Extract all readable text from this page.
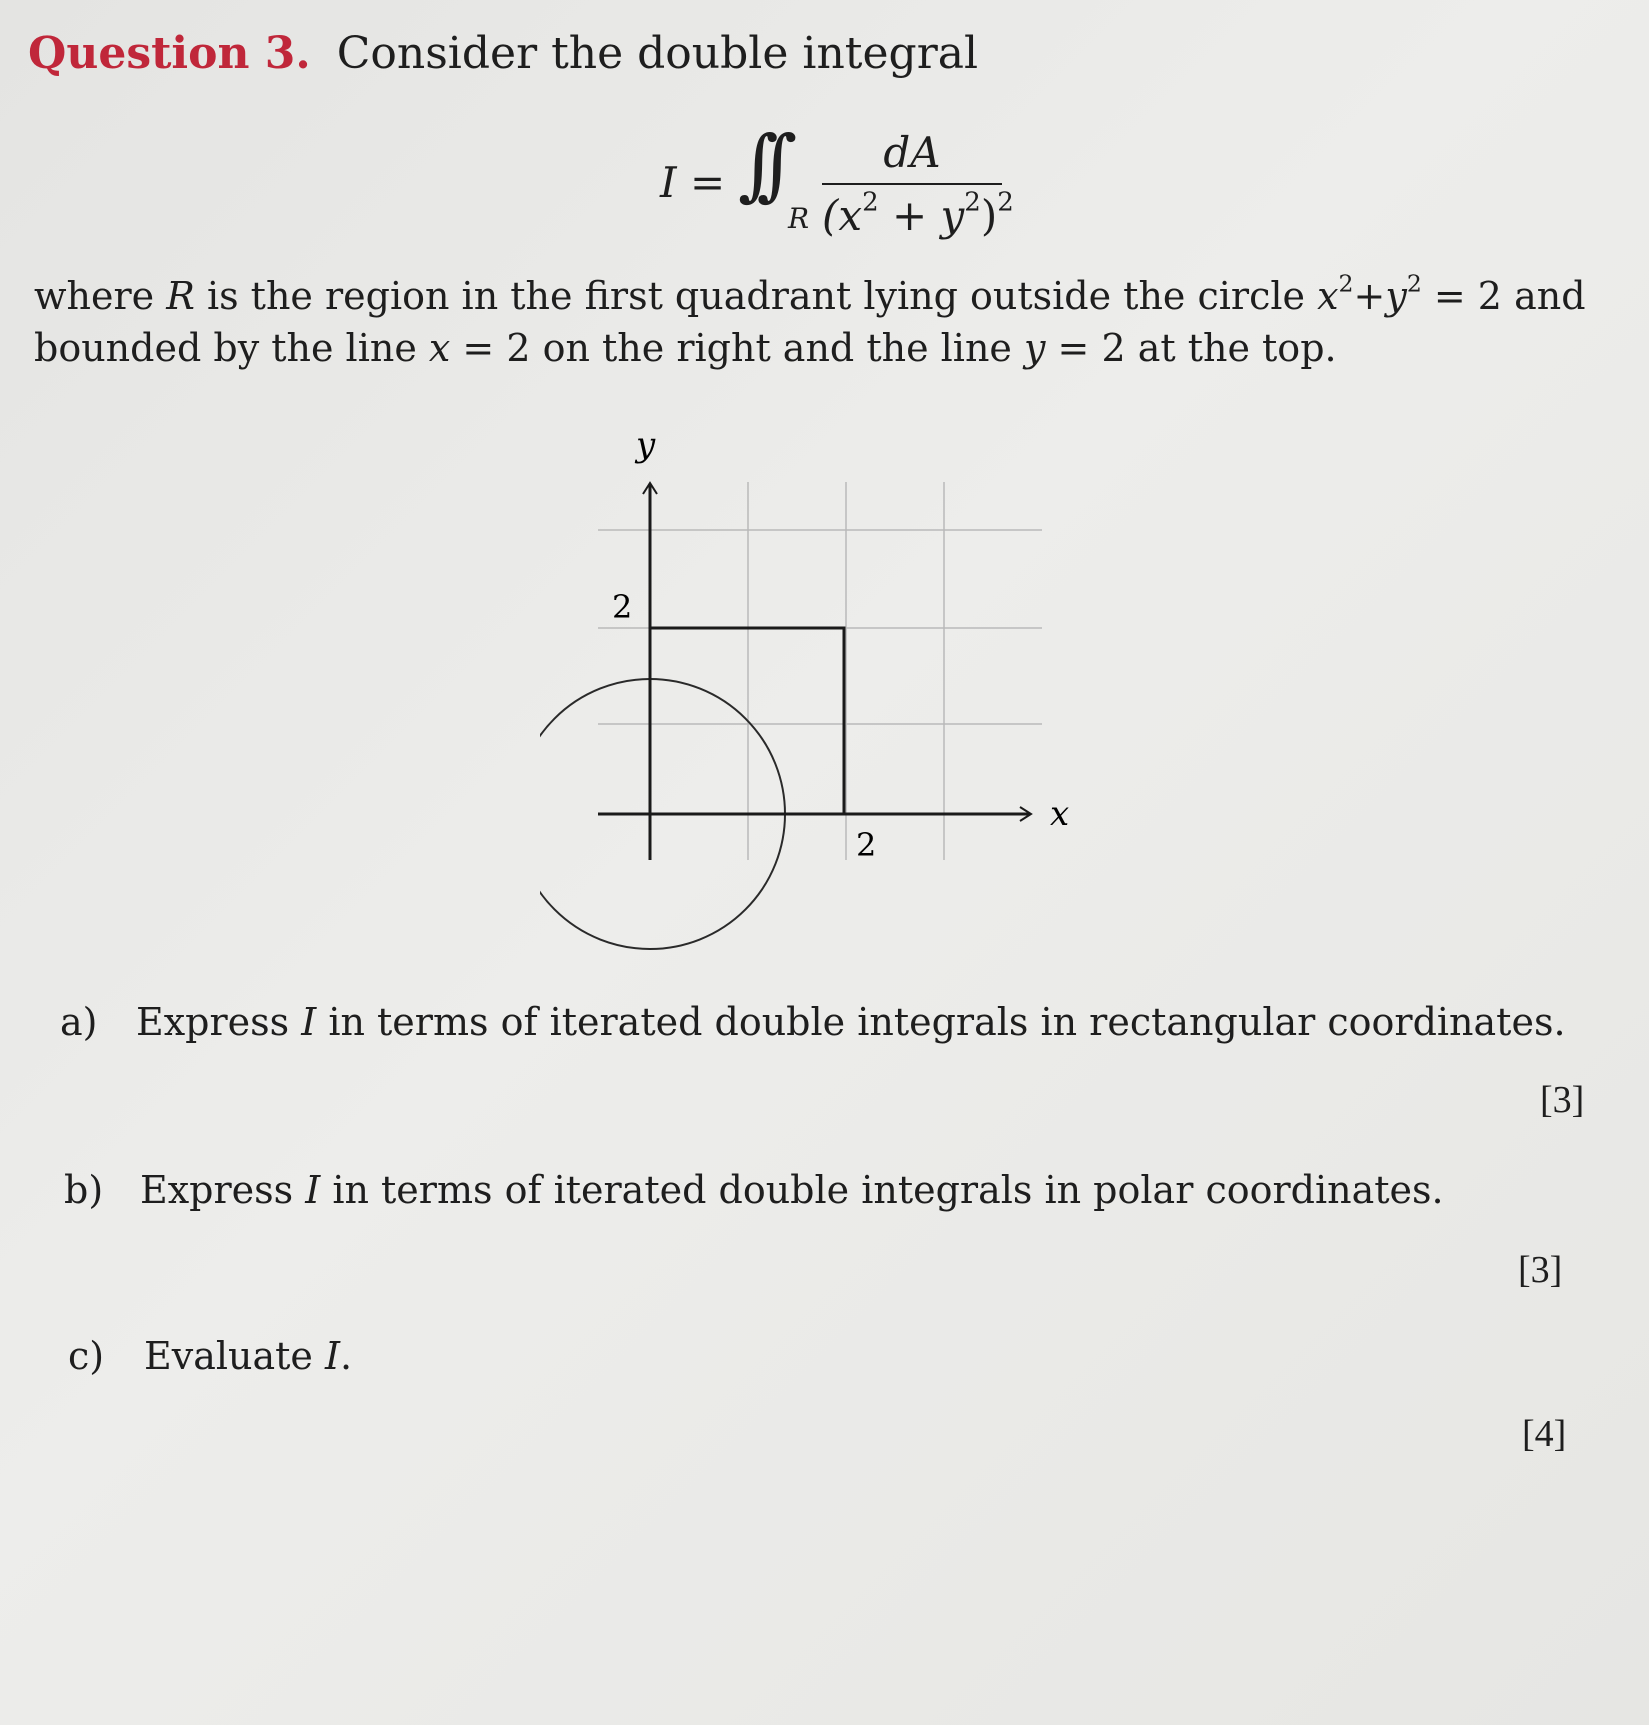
Question 3. Consider the double integral
I = ∫∫
R $\frac{dA}{(x^2 + y^2)^2}$
where R is the region in the first quadrant lying outside the circle $x^2+y^2 = 2$ and bounded by the line x = 2 on the right and the line y = 2 at the top.
x
y
2
2
a) Express I in terms of iterated double integrals in rectangular coordinates.
[3]
b) Express I in terms of iterated double integrals in polar coordinates.
[3]
c) Evaluate I.
[4]
